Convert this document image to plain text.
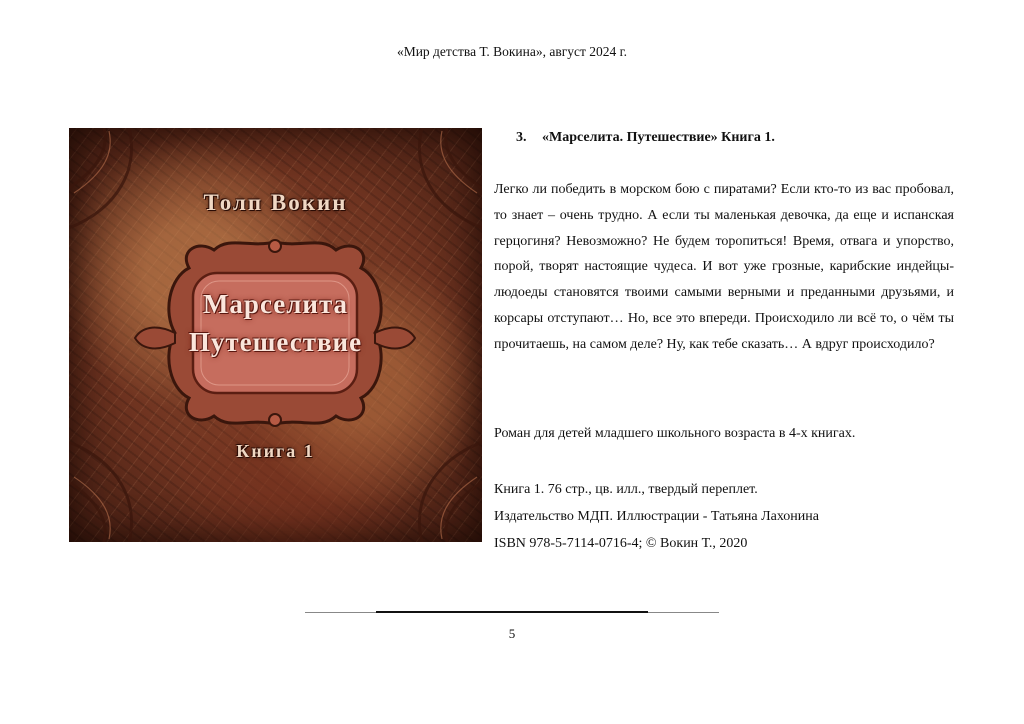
«Мир детства Т. Вокина», август 2024 г.
Толп Вокин
Марселита
Путешествие
Книга 1
3. «Марселита. Путешествие» Книга 1.

Легко ли победить в морском бою с пиратами? Если кто-то из вас пробовал, то знает – очень трудно. А если ты маленькая девочка, да еще и испанская герцогиня? Невозможно? Не будем торопиться! Время, отвага и упорство, порой, творят настоящие чудеса. И вот уже грозные, карибские индейцы-людоеды становятся твоими самыми верными и преданными друзьями, и корсары отступают… Но, все это впереди. Происходило ли всё то, о чём ты прочитаешь, на самом деле? Ну, как тебе сказать… А вдруг происходило?

Роман для детей младшего школьного возраста в 4-х книгах.
Книга 1. 76 стр., цв. илл., твердый переплет.
Издательство МДП. Иллюстрации - Татьяна Лахонина
ISBN 978-5-7114-0716-4; © Вокин Т., 2020
5
